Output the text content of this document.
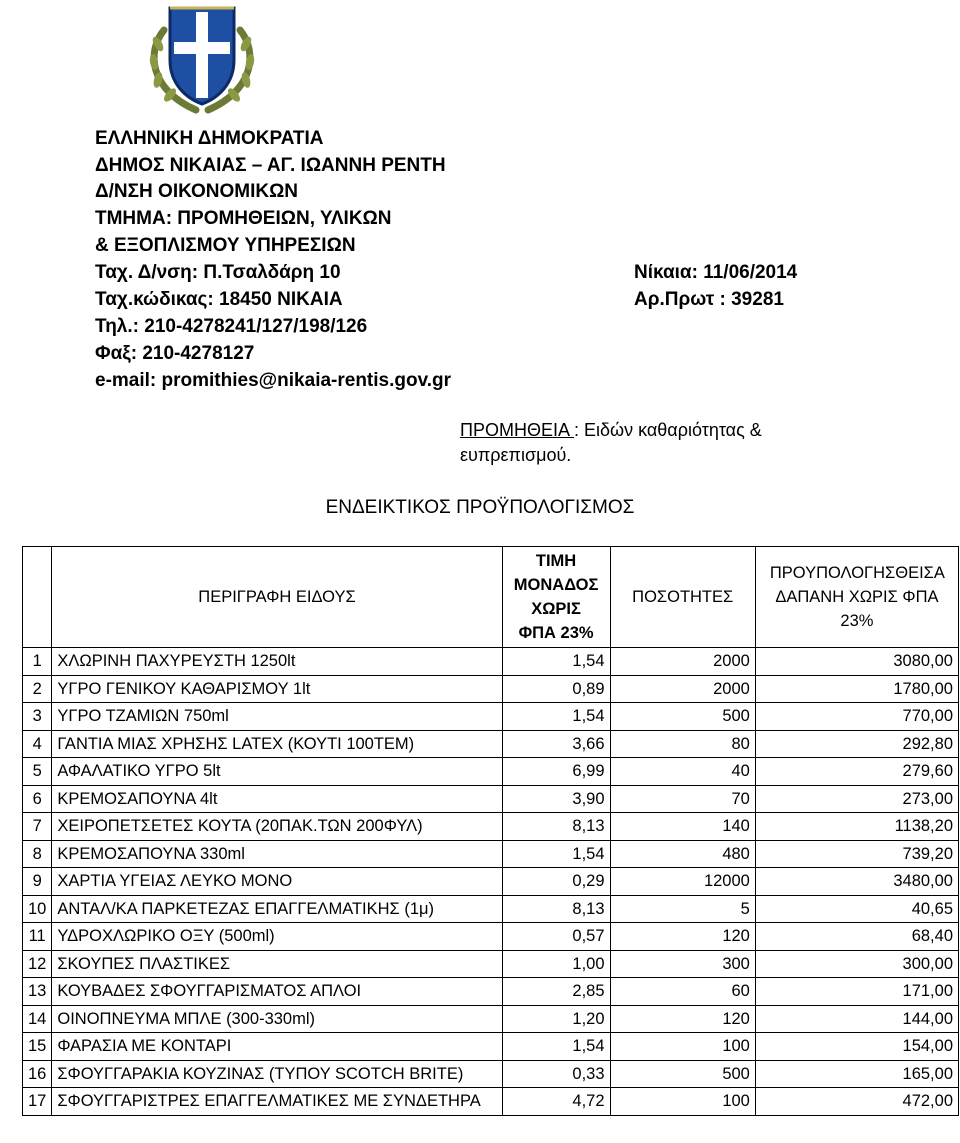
ΕΛΛΗΝΙΚΗ ΔΗΜΟΚΡΑΤΙΑ
ΔΗΜΟΣ ΝΙΚΑΙΑΣ – ΑΓ. ΙΩΑΝΝΗ ΡΕΝΤΗ
Δ/ΝΣΗ ΟΙΚΟΝΟΜΙΚΩΝ
ΤΜΗΜΑ: ΠΡΟΜΗΘΕΙΩΝ, ΥΛΙΚΩΝ
& ΕΞΟΠΛΙΣΜΟΥ ΥΠΗΡΕΣΙΩΝ
Ταχ. Δ/νση: Π.Τσαλδάρη 10
Ταχ.κώδικας: 18450 ΝΙΚΑΙΑ
Τηλ.: 210-4278241/127/198/126
Φαξ: 210-4278127
e-mail: promithies@nikaia-rentis.gov.gr
Νίκαια: 11/06/2014
Αρ.Πρωτ : 39281
ΠΡΟΜΗΘΕΙΑ : Ειδών καθαριότητας & ευπρεπισμού.
ΕΝΔΕΙΚΤΙΚΟΣ ΠΡΟΫΠΟΛΟΓΙΣΜΟΣ
	ΠΕΡΙΓΡΑΦΗ ΕΙΔΟΥΣ	ΤΙΜΗ ΜΟΝΑΔΟΣ ΧΩΡΙΣ ΦΠΑ 23%	ΠΟΣΟΤΗΤΕΣ	ΠΡΟΥΠΟΛΟΓΗΣΘΕΙΣΑ ΔΑΠΑΝΗ ΧΩΡΙΣ ΦΠΑ 23%
1	ΧΛΩΡΙΝΗ ΠΑΧΥΡΕΥΣΤΗ 1250lt	1,54	2000	3080,00
2	ΥΓΡΟ ΓΕΝΙΚΟΥ ΚΑΘΑΡΙΣΜΟΥ 1lt	0,89	2000	1780,00
3	ΥΓΡΟ ΤΖΑΜΙΩΝ 750ml	1,54	500	770,00
4	ΓΑΝΤΙΑ ΜΙΑΣ ΧΡΗΣΗΣ LATEX (ΚΟΥΤΙ 100ΤΕΜ)	3,66	80	292,80
5	ΑΦΑΛΑΤΙΚΟ ΥΓΡΟ 5lt	6,99	40	279,60
6	ΚΡΕΜΟΣΑΠΟΥΝΑ 4lt	3,90	70	273,00
7	ΧΕΙΡΟΠΕΤΣΕΤΕΣ ΚΟΥΤΑ (20ΠΑΚ.ΤΩΝ 200ΦΥΛ)	8,13	140	1138,20
8	ΚΡΕΜΟΣΑΠΟΥΝΑ 330ml	1,54	480	739,20
9	ΧΑΡΤΙΑ ΥΓΕΙΑΣ ΛΕΥΚΟ ΜΟΝΟ	0,29	12000	3480,00
10	ΑΝΤΑΛ/ΚΑ ΠΑΡΚΕΤΕΖΑΣ ΕΠΑΓΓΕΛΜΑΤΙΚΗΣ (1μ)	8,13	5	40,65
11	ΥΔΡΟΧΛΩΡΙΚΟ ΟΞΥ (500ml)	0,57	120	68,40
12	ΣΚΟΥΠΕΣ ΠΛΑΣΤΙΚΕΣ	1,00	300	300,00
13	ΚΟΥΒΑΔΕΣ ΣΦΟΥΓΓΑΡΙΣΜΑΤΟΣ ΑΠΛΟΙ	2,85	60	171,00
14	ΟΙΝΟΠΝΕΥΜΑ ΜΠΛΕ (300-330ml)	1,20	120	144,00
15	ΦΑΡΑΣΙΑ ΜΕ ΚΟΝΤΑΡΙ	1,54	100	154,00
16	ΣΦΟΥΓΓΑΡΑΚΙΑ ΚΟΥΖΙΝΑΣ (ΤΥΠΟΥ SCOTCH BRITE)	0,33	500	165,00
17	ΣΦΟΥΓΓΑΡΙΣΤΡΕΣ ΕΠΑΓΓΕΛΜΑΤΙΚΕΣ ΜΕ ΣΥΝΔΕΤΗΡΑ	4,72	100	472,00
